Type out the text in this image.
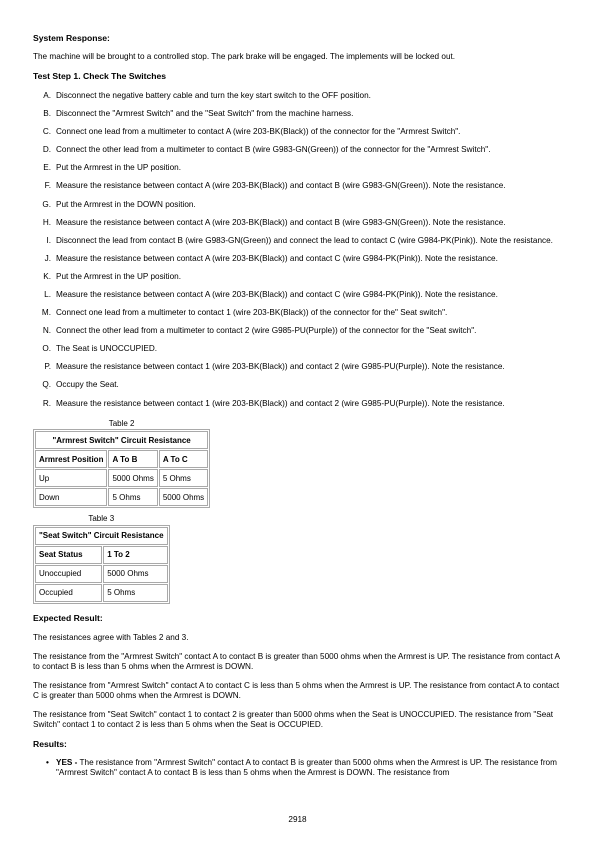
System Response:

The machine will be brought to a controlled stop. The park brake will be engaged. The implements will be locked out.

Test Step 1. Check The Switches

A. Disconnect the negative battery cable and turn the key start switch to the OFF position.
B. Disconnect the "Armrest Switch" and the "Seat Switch" from the machine harness.
C. Connect one lead from a multimeter to contact A (wire 203-BK(Black)) of the connector for the "Armrest Switch".
D. Connect the other lead from a multimeter to contact B (wire G983-GN(Green)) of the connector for the "Armrest Switch".
E. Put the Armrest in the UP position.
F. Measure the resistance between contact A (wire 203-BK(Black)) and contact B (wire G983-GN(Green)). Note the resistance.
G. Put the Armrest in the DOWN position.
H. Measure the resistance between contact A (wire 203-BK(Black)) and contact B (wire G983-GN(Green)). Note the resistance.
I. Disconnect the lead from contact B (wire G983-GN(Green)) and connect the lead to contact C (wire G984-PK(Pink)). Note the resistance.
J. Measure the resistance between contact A (wire 203-BK(Black)) and contact C (wire G984-PK(Pink)). Note the resistance.
K. Put the Armrest in the UP position.
L. Measure the resistance between contact A (wire 203-BK(Black)) and contact C (wire G984-PK(Pink)). Note the resistance.
M. Connect one lead from a multimeter to contact 1 (wire 203-BK(Black)) of the connector for the" Seat switch".
N. Connect the other lead from a multimeter to contact 2 (wire G985-PU(Purple)) of the connector for the "Seat switch".
O. The Seat is UNOCCUPIED.
P. Measure the resistance between contact 1 (wire 203-BK(Black)) and contact 2 (wire G985-PU(Purple)). Note the resistance.
Q. Occupy the Seat.
R. Measure the resistance between contact 1 (wire 203-BK(Black)) and contact 2 (wire G985-PU(Purple)). Note the resistance.

Table 2

"Armrest Switch" Circuit Resistance		
Armrest Position	A To B	A To C
Up	5000 Ohms	5 Ohms
Down	5 Ohms	5000 Ohms

Table 3

"Seat Switch" Circuit Resistance	
Seat Status	1 To 2
Unoccupied	5000 Ohms
Occupied	5 Ohms

Expected Result:

The resistances agree with Tables 2 and 3.

The resistance from the "Armrest Switch" contact A to contact B is greater than 5000 ohms when the Armrest is UP. The resistance from contact A to contact B is less than 5 ohms when the Armrest is DOWN.

The resistance from "Armrest Switch" contact A to contact C is less than 5 ohms when the Armrest is UP. The resistance from contact A to contact C is greater than 5000 ohms when the Armrest is DOWN.

The resistance from "Seat Switch" contact 1 to contact 2 is greater than 5000 ohms when the Seat is UNOCCUPIED. The resistance from "Seat Switch" contact 1 to contact 2 is less than 5 ohms when the Seat is OCCUPIED.

Results:

• YES - The resistance from "Armrest Switch" contact A to contact B is greater than 5000 ohms when the Armrest is UP. The resistance from "Armrest Switch" contact A to contact B is less than 5 ohms when the Armrest is DOWN. The resistance from
2918
